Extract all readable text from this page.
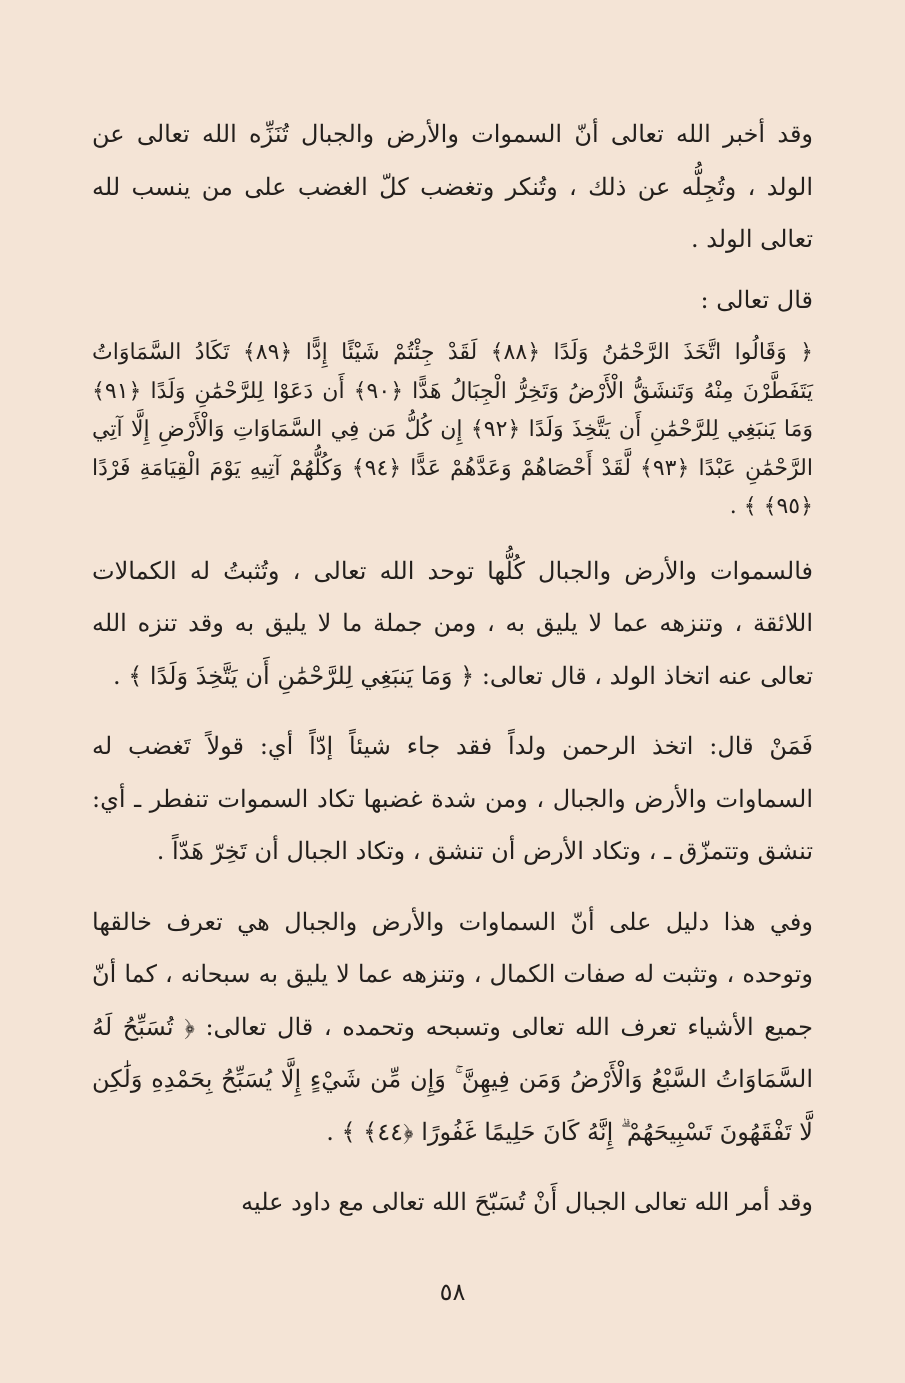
وقد أخبر الله تعالى أنّ السموات والأرض والجبال تُنَزِّه الله تعالى عن الولد ، وتُجِلُّه عن ذلك ، وتُنكر وتغضب كلّ الغضب على من ينسب لله تعالى الولد .

قال تعالى :

﴿ وَقَالُوا اتَّخَذَ الرَّحْمَٰنُ وَلَدًا ﴿٨٨﴾ لَقَدْ جِئْتُمْ شَيْئًا إِدًّا ﴿٨٩﴾ تَكَادُ السَّمَاوَاتُ يَتَفَطَّرْنَ مِنْهُ وَتَنشَقُّ الْأَرْضُ وَتَخِرُّ الْجِبَالُ هَدًّا ﴿٩٠﴾ أَن دَعَوْا لِلرَّحْمَٰنِ وَلَدًا ﴿٩١﴾ وَمَا يَنبَغِي لِلرَّحْمَٰنِ أَن يَتَّخِذَ وَلَدًا ﴿٩٢﴾ إِن كُلُّ مَن فِي السَّمَاوَاتِ وَالْأَرْضِ إِلَّا آتِي الرَّحْمَٰنِ عَبْدًا ﴿٩٣﴾ لَّقَدْ أَحْصَاهُمْ وَعَدَّهُمْ عَدًّا ﴿٩٤﴾ وَكُلُّهُمْ آتِيهِ يَوْمَ الْقِيَامَةِ فَرْدًا ﴿٩٥﴾ ﴾ .

فالسموات والأرض والجبال كُلُّها توحد الله تعالى ، وتُثبتُ له الكمالات اللائقة ، وتنزهه عما لا يليق به ، ومن جملة ما لا يليق به وقد تنزه الله تعالى عنه اتخاذ الولد ، قال تعالى: ﴿ وَمَا يَنبَغِي لِلرَّحْمَٰنِ أَن يَتَّخِذَ وَلَدًا ﴾ .

فَمَنْ قال: اتخذ الرحمن ولداً فقد جاء شيئاً إدّاً أي: قولاً تَغضب له السماوات والأرض والجبال ، ومن شدة غضبها تكاد السموات تنفطر ـ أي: تنشق وتتمزّق ـ ، وتكاد الأرض أن تنشق ، وتكاد الجبال أن تَخِرّ هَدّاً .

وفي هذا دليل على أنّ السماوات والأرض والجبال هي تعرف خالقها وتوحده ، وتثبت له صفات الكمال ، وتنزهه عما لا يليق به سبحانه ، كما أنّ جميع الأشياء تعرف الله تعالى وتسبحه وتحمده ، قال تعالى: ﴿ تُسَبِّحُ لَهُ السَّمَاوَاتُ السَّبْعُ وَالْأَرْضُ وَمَن فِيهِنَّ ۚ وَإِن مِّن شَيْءٍ إِلَّا يُسَبِّحُ بِحَمْدِهِ وَلَٰكِن لَّا تَفْقَهُونَ تَسْبِيحَهُمْ ۗ إِنَّهُ كَانَ حَلِيمًا غَفُورًا ﴿٤٤﴾ ﴾ .

وقد أمر الله تعالى الجبال أَنْ تُسَبّحَ الله تعالى مع داود عليه

٥٨
